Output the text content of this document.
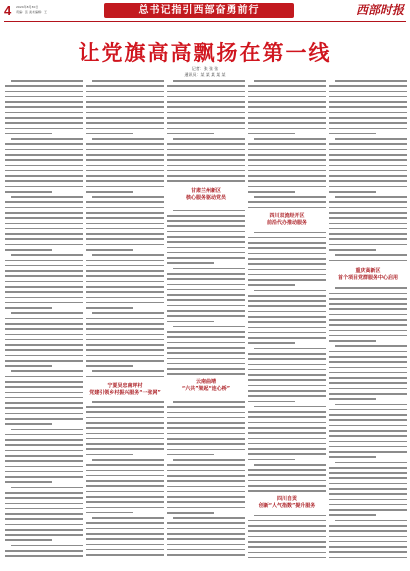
4 2024年8月30日
责编：张 美术编辑：王	总书记指引西部奋勇前行	西部时报
让党旗高高飘扬在第一线
记者：张 张 张
通讯员：某 某 某 某 某
甘肃兰州新区
核心服务驱动党员
宁夏吴忠南坪村
党建引领乡村振兴服务“一张网”
云南曲靖
“六共”架起“连心桥”
四川双流经开区
前沿代办推动服务
四川自贡
创新“人气指数”提升服务
重庆高新区
首个项目党群服务中心启用
